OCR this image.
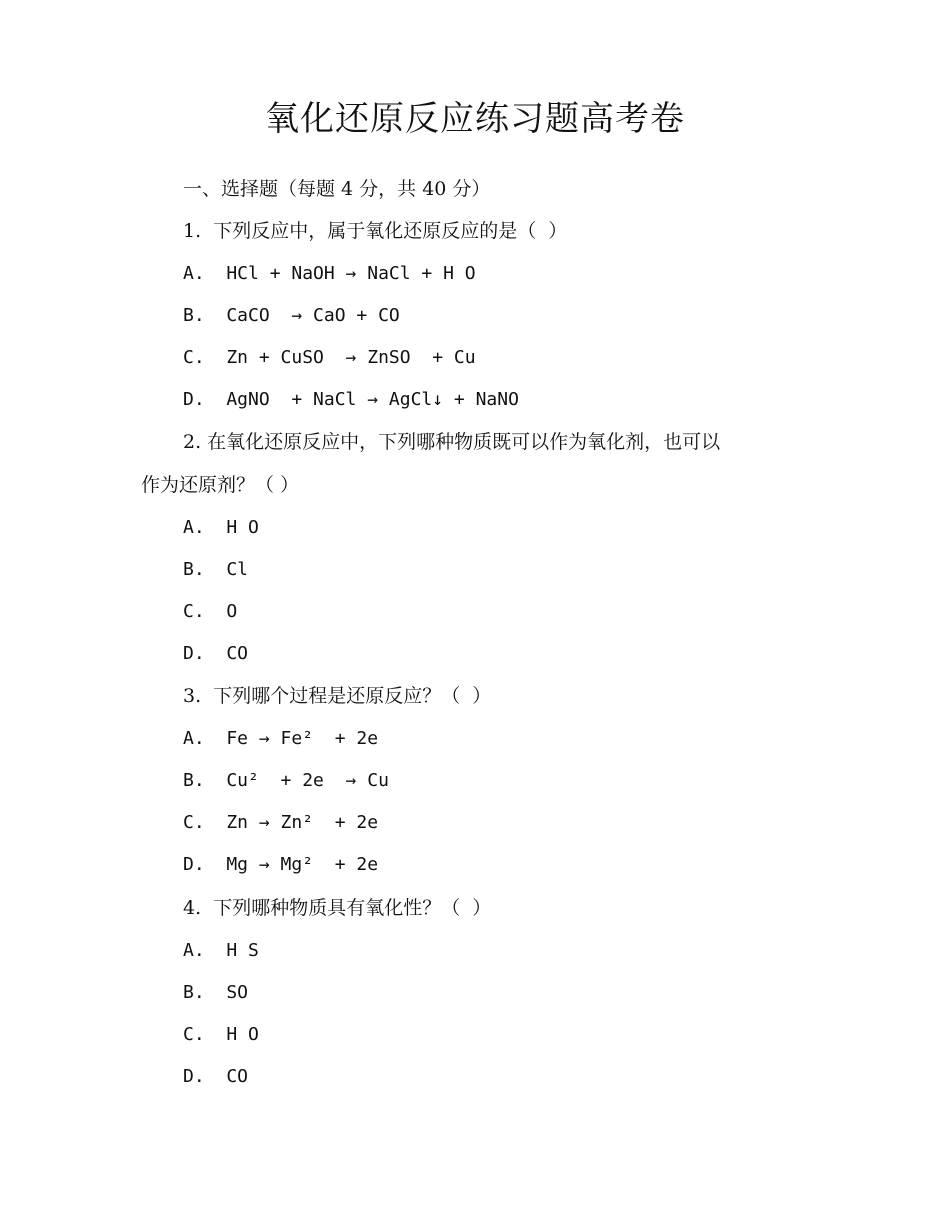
氧化还原反应练习题高考卷
一、选择题（每题 4 分，共 40 分）
1.  下列反应中，属于氧化还原反应的是（  ）
A.  HCl + NaOH → NaCl + H O
B.  CaCO  → CaO + CO
C.  Zn + CuSO  → ZnSO  + Cu
D.  AgNO  + NaCl → AgCl↓ + NaNO
2. 在氧化还原反应中，下列哪种物质既可以作为氧化剂，也可以
作为还原剂？（ ）
A.  H O
B.  Cl
C.  O
D.  CO
3.  下列哪个过程是还原反应？（  ）
A.  Fe → Fe²  + 2e
B.  Cu²  + 2e  → Cu
C.  Zn → Zn²  + 2e
D.  Mg → Mg²  + 2e
4.  下列哪种物质具有氧化性？（  ）
A.  H S
B.  SO
C.  H O
D.  CO
